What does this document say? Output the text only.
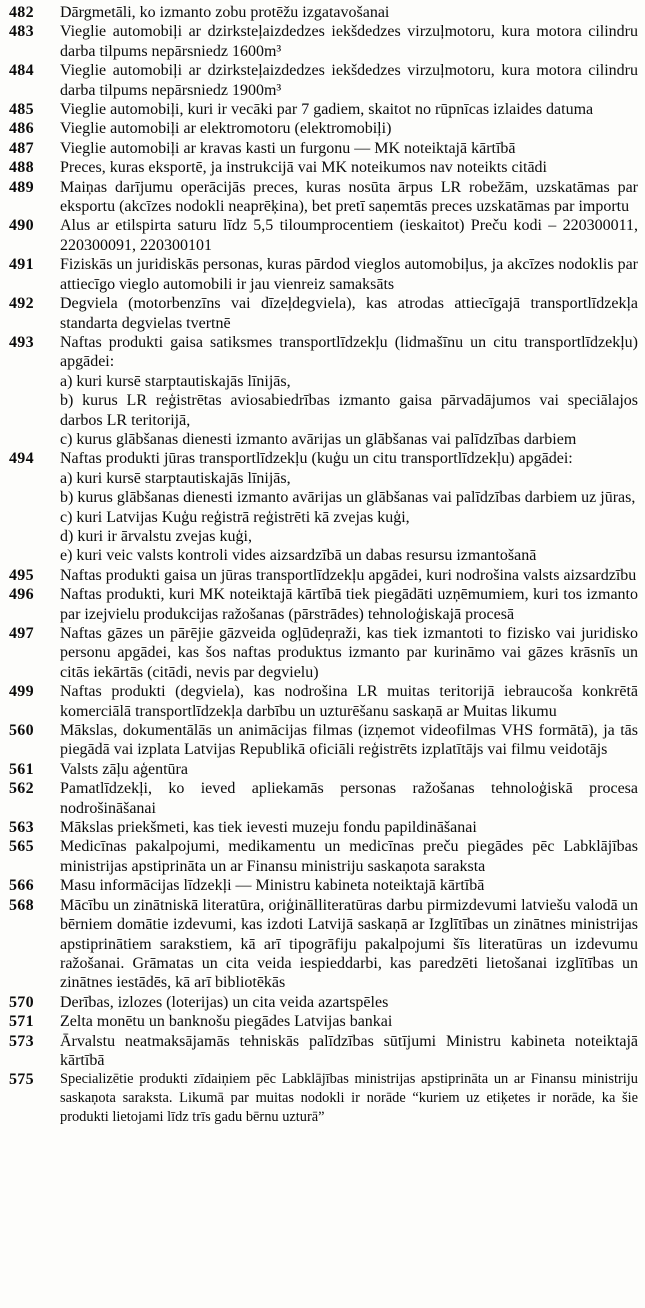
482	Dārgmetāli, ko izmanto zobu protēžu izgatavošanai
483	Vieglie automobiļi ar dzirksteļaizdedzes iekšdedzes virzuļmotoru, kura motora cilindru darba tilpums nepārsniedz 1600m³
484	Vieglie automobiļi ar dzirksteļaizdedzes iekšdedzes virzuļmotoru, kura motora cilindru darba tilpums nepārsniedz 1900m³
485	Vieglie automobiļi, kuri ir vecāki par 7 gadiem, skaitot no rūpnīcas izlaides datuma
486	Vieglie automobiļi ar elektromotoru (elektromobiļi)
487	Vieglie automobiļi ar kravas kasti un furgonu — MK noteiktajā kārtībā
488	Preces, kuras eksportē, ja instrukcijā vai MK noteikumos nav noteikts citādi
489	Maiņas darījumu operācijās preces, kuras nosūta ārpus LR robežām, uzskatāmas par eksportu (akcīzes nodokli neaprēķina), bet pretī saņemtās preces uzskatāmas par importu
490	Alus ar etilspirta saturu līdz 5,5 tiloumprocentiem (ieskaitot) Preču kodi – 220300011, 220300091, 220300101
491	Fiziskās un juridiskās personas, kuras pārdod vieglos automobiļus, ja akcīzes nodoklis par attiecīgo vieglo automobili ir jau vienreiz samaksāts
492	Degviela (motorbenzīns vai dīzeļdegviela), kas atrodas attiecīgajā transportlīdzekļa standarta degvielas tvertnē
493	Naftas produkti gaisa satiksmes transportlīdzekļu (lidmašīnu un citu transportlīdzekļu) apgādei:
a) kuri kursē starptautiskajās līnijās,
b) kurus LR reģistrētas aviosabiedrības izmanto gaisa pārvadājumos vai speciālajos darbos LR teritorijā,
c) kurus glābšanas dienesti izmanto avārijas un glābšanas vai palīdzības darbiem
494	Naftas produkti jūras transportlīdzekļu (kuģu un citu transportlīdzekļu) apgādei:
a) kuri kursē starptautiskajās līnijās,
b) kurus glābšanas dienesti izmanto avārijas un glābšanas vai palīdzības darbiem uz jūras,
c) kuri Latvijas Kuģu reģistrā reģistrēti kā zvejas kuģi,
d) kuri ir ārvalstu zvejas kuģi,
e) kuri veic valsts kontroli vides aizsardzībā un dabas resursu izmantošanā
495	Naftas produkti gaisa un jūras transportlīdzekļu apgādei, kuri nodrošina valsts aizsardzību
496	Naftas produkti, kuri MK noteiktajā kārtībā tiek piegādāti uzņēmumiem, kuri tos izmanto par izejvielu produkcijas ražošanas (pārstrādes) tehnoloģiskajā procesā
497	Naftas gāzes un pārējie gāzveida ogļūdeņraži, kas tiek izmantoti to fizisko vai juridisko personu apgādei, kas šos naftas produktus izmanto par kurināmo vai gāzes krāsnīs un citās iekārtās (citādi, nevis par degvielu)
499	Naftas produkti (degviela), kas nodrošina LR muitas teritorijā iebraucoša konkrētā komerciālā transportlīdzekļa darbību un uzturēšanu saskaņā ar Muitas likumu
560	Mākslas, dokumentālās un animācijas filmas (izņemot videofilmas VHS formātā), ja tās piegādā vai izplata Latvijas Republikā oficiāli reģistrēts izplatītājs vai filmu veidotājs
561	Valsts zāļu aģentūra
562	Pamatlīdzekļi, ko ieved apliekamās personas ražošanas tehnoloģiskā procesa nodrošināšanai
563	Mākslas priekšmeti, kas tiek ievesti muzeju fondu papildināšanai
565	Medicīnas pakalpojumi, medikamentu un medicīnas preču piegādes pēc Labklājības ministrijas apstiprināta un ar Finansu ministriju saskaņota saraksta
566	Masu informācijas līdzekļi — Ministru kabineta noteiktajā kārtībā
568	Mācību un zinātniskā literatūra, oriģinālliteratūras darbu pirmizdevumi latviešu valodā un bērniem domātie izdevumi, kas izdoti Latvijā saskaņā ar Izglītības un zinātnes ministrijas apstiprinātiem sarakstiem, kā arī tipogrāfiju pakalpojumi šīs literatūras un izdevumu ražošanai. Grāmatas un cita veida iespieddarbi, kas paredzēti lietošanai izglītības un zinātnes iestādēs, kā arī bibliotēkās
570	Derības, izlozes (loterijas) un cita veida azartspēles
571	Zelta monētu un banknošu piegādes Latvijas bankai
573	Ārvalstu neatmaksājamās tehniskās palīdzības sūtījumi Ministru kabineta noteiktajā kārtībā
575	Specializētie produkti zīdaiņiem pēc Labklājības ministrijas apstiprināta un ar Finansu ministriju saskaņota saraksta. Likumā par muitas nodokli ir norāde “kuriem uz etiķetes ir norāde, ka šie produkti lietojami līdz trīs gadu bērnu uzturā”
